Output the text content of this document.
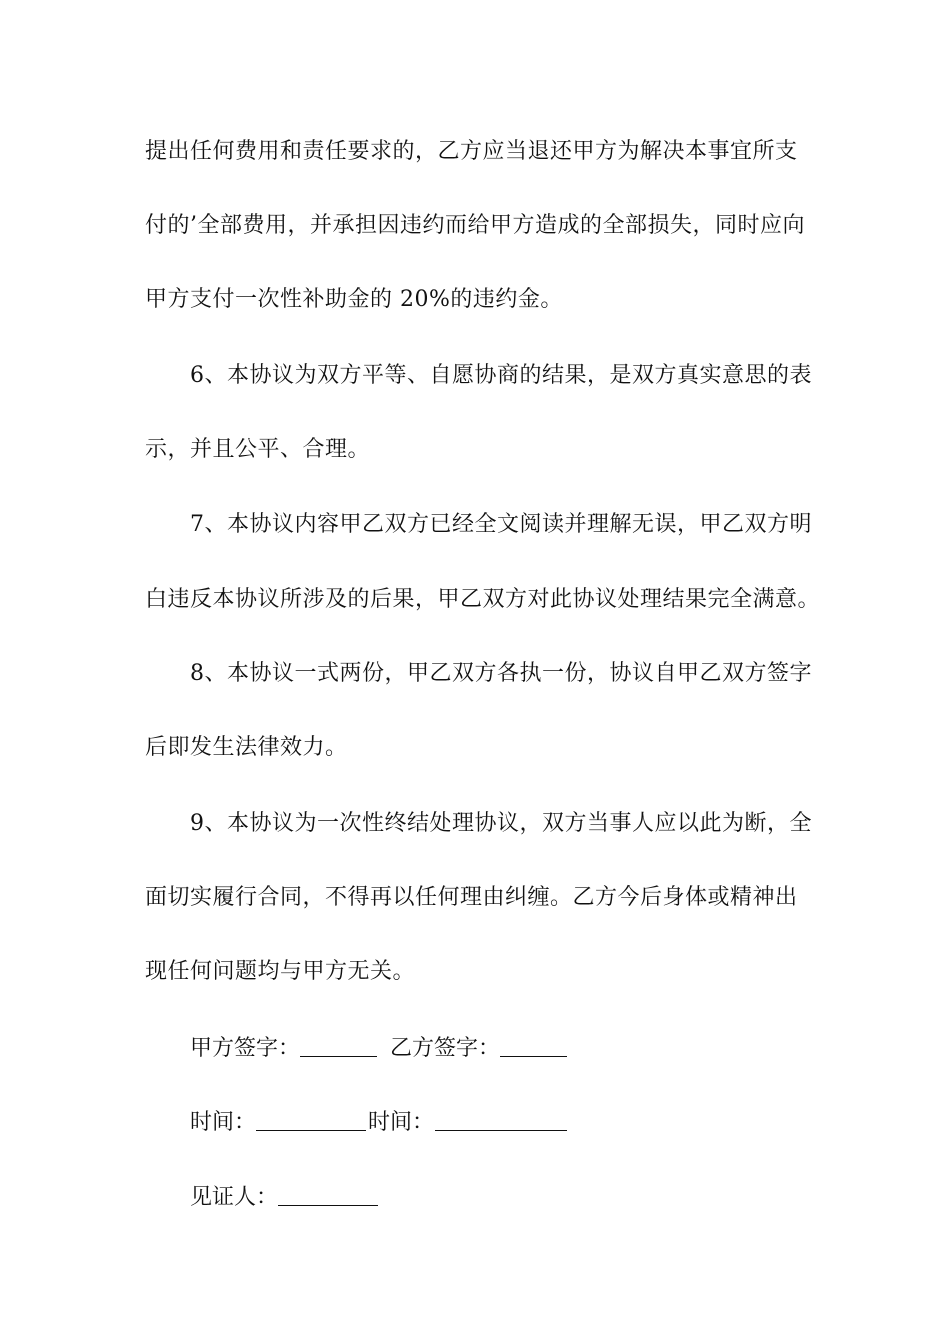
提出任何费用和责任要求的，乙方应当退还甲方为解决本事宜所支
付的’全部费用，并承担因违约而给甲方造成的全部损失，同时应向
甲方支付一次性补助金的 20%的违约金。
6、本协议为双方平等、自愿协商的结果，是双方真实意思的表
示，并且公平、合理。
7、本协议内容甲乙双方已经全文阅读并理解无误，甲乙双方明
白违反本协议所涉及的后果，甲乙双方对此协议处理结果完全满意。
8、本协议一式两份，甲乙双方各执一份，协议自甲乙双方签字
后即发生法律效力。
9、本协议为一次性终结处理协议，双方当事人应以此为断，全
面切实履行合同，不得再以任何理由纠缠。乙方今后身体或精神出
现任何问题均与甲方无关。
甲方签字：	乙方签字：
时间：	时间：
见证人：
